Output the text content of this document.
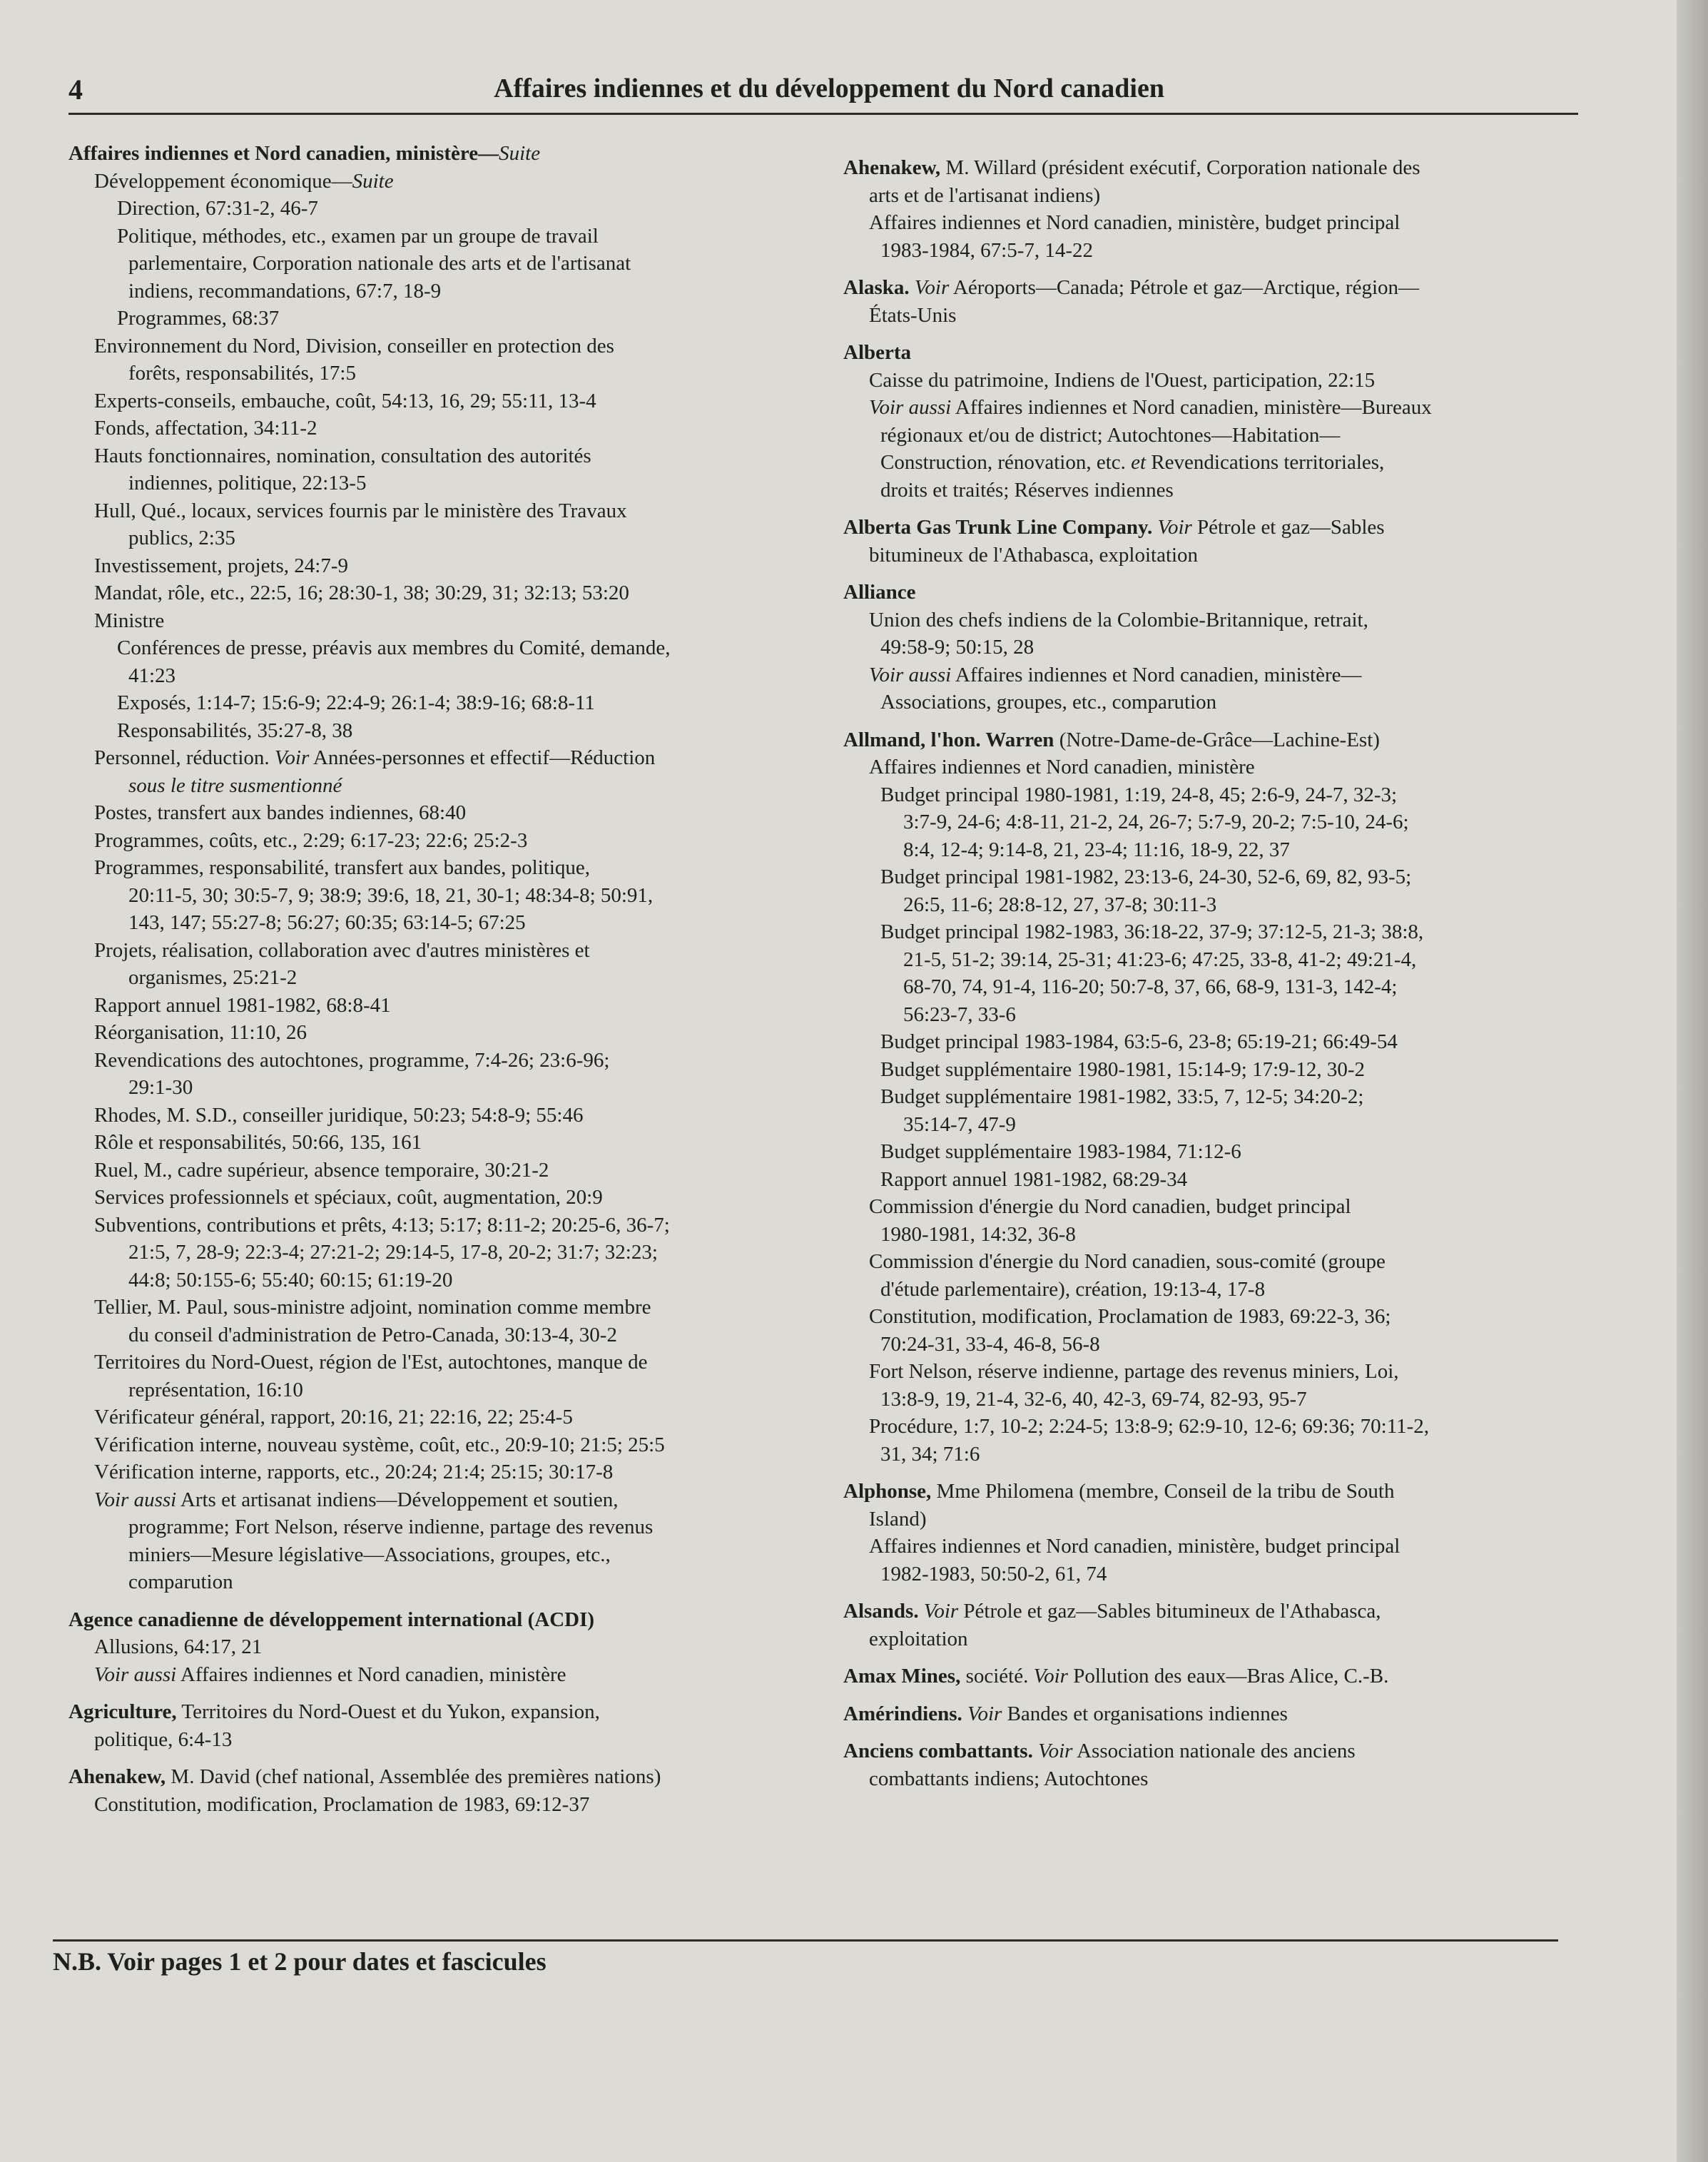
4	Affaires indiennes et du développement du Nord canadien
Affaires indiennes et Nord canadien, ministère—Suite
Développement économique—Suite
Direction, 67:31-2, 46-7
Politique, méthodes, etc., examen par un groupe de travail
parlementaire, Corporation nationale des arts et de l'artisanat
indiens, recommandations, 67:7, 18-9
Programmes, 68:37
Environnement du Nord, Division, conseiller en protection des
forêts, responsabilités, 17:5
Experts-conseils, embauche, coût, 54:13, 16, 29; 55:11, 13-4
Fonds, affectation, 34:11-2
Hauts fonctionnaires, nomination, consultation des autorités
indiennes, politique, 22:13-5
Hull, Qué., locaux, services fournis par le ministère des Travaux
publics, 2:35
Investissement, projets, 24:7-9
Mandat, rôle, etc., 22:5, 16; 28:30-1, 38; 30:29, 31; 32:13; 53:20
Ministre
Conférences de presse, préavis aux membres du Comité, demande,
41:23
Exposés, 1:14-7; 15:6-9; 22:4-9; 26:1-4; 38:9-16; 68:8-11
Responsabilités, 35:27-8, 38
Personnel, réduction. Voir Années-personnes et effectif—Réduction
sous le titre susmentionné
Postes, transfert aux bandes indiennes, 68:40
Programmes, coûts, etc., 2:29; 6:17-23; 22:6; 25:2-3
Programmes, responsabilité, transfert aux bandes, politique,
20:11-5, 30; 30:5-7, 9; 38:9; 39:6, 18, 21, 30-1; 48:34-8; 50:91,
143, 147; 55:27-8; 56:27; 60:35; 63:14-5; 67:25
Projets, réalisation, collaboration avec d'autres ministères et
organismes, 25:21-2
Rapport annuel 1981-1982, 68:8-41
Réorganisation, 11:10, 26
Revendications des autochtones, programme, 7:4-26; 23:6-96;
29:1-30
Rhodes, M. S.D., conseiller juridique, 50:23; 54:8-9; 55:46
Rôle et responsabilités, 50:66, 135, 161
Ruel, M., cadre supérieur, absence temporaire, 30:21-2
Services professionnels et spéciaux, coût, augmentation, 20:9
Subventions, contributions et prêts, 4:13; 5:17; 8:11-2; 20:25-6, 36-7;
21:5, 7, 28-9; 22:3-4; 27:21-2; 29:14-5, 17-8, 20-2; 31:7; 32:23;
44:8; 50:155-6; 55:40; 60:15; 61:19-20
Tellier, M. Paul, sous-ministre adjoint, nomination comme membre
du conseil d'administration de Petro-Canada, 30:13-4, 30-2
Territoires du Nord-Ouest, région de l'Est, autochtones, manque de
représentation, 16:10
Vérificateur général, rapport, 20:16, 21; 22:16, 22; 25:4-5
Vérification interne, nouveau système, coût, etc., 20:9-10; 21:5; 25:5
Vérification interne, rapports, etc., 20:24; 21:4; 25:15; 30:17-8
Voir aussi Arts et artisanat indiens—Développement et soutien,
programme; Fort Nelson, réserve indienne, partage des revenus
miniers—Mesure législative—Associations, groupes, etc.,
comparution
Agence canadienne de développement international (ACDI)
Allusions, 64:17, 21
Voir aussi Affaires indiennes et Nord canadien, ministère
Agriculture, Territoires du Nord-Ouest et du Yukon, expansion,
politique, 6:4-13
Ahenakew, M. David (chef national, Assemblée des premières nations)
Constitution, modification, Proclamation de 1983, 69:12-37
Ahenakew, M. Willard (président exécutif, Corporation nationale des
arts et de l'artisanat indiens)
Affaires indiennes et Nord canadien, ministère, budget principal
1983-1984, 67:5-7, 14-22
Alaska. Voir Aéroports—Canada; Pétrole et gaz—Arctique, région—
États-Unis
Alberta
Caisse du patrimoine, Indiens de l'Ouest, participation, 22:15
Voir aussi Affaires indiennes et Nord canadien, ministère—Bureaux
régionaux et/ou de district; Autochtones—Habitation—
Construction, rénovation, etc. et Revendications territoriales,
droits et traités; Réserves indiennes
Alberta Gas Trunk Line Company. Voir Pétrole et gaz—Sables
bitumineux de l'Athabasca, exploitation
Alliance
Union des chefs indiens de la Colombie-Britannique, retrait,
49:58-9; 50:15, 28
Voir aussi Affaires indiennes et Nord canadien, ministère—
Associations, groupes, etc., comparution
Allmand, l'hon. Warren (Notre-Dame-de-Grâce—Lachine-Est)
Affaires indiennes et Nord canadien, ministère
Budget principal 1980-1981, 1:19, 24-8, 45; 2:6-9, 24-7, 32-3;
3:7-9, 24-6; 4:8-11, 21-2, 24, 26-7; 5:7-9, 20-2; 7:5-10, 24-6;
8:4, 12-4; 9:14-8, 21, 23-4; 11:16, 18-9, 22, 37
Budget principal 1981-1982, 23:13-6, 24-30, 52-6, 69, 82, 93-5;
26:5, 11-6; 28:8-12, 27, 37-8; 30:11-3
Budget principal 1982-1983, 36:18-22, 37-9; 37:12-5, 21-3; 38:8,
21-5, 51-2; 39:14, 25-31; 41:23-6; 47:25, 33-8, 41-2; 49:21-4,
68-70, 74, 91-4, 116-20; 50:7-8, 37, 66, 68-9, 131-3, 142-4;
56:23-7, 33-6
Budget principal 1983-1984, 63:5-6, 23-8; 65:19-21; 66:49-54
Budget supplémentaire 1980-1981, 15:14-9; 17:9-12, 30-2
Budget supplémentaire 1981-1982, 33:5, 7, 12-5; 34:20-2;
35:14-7, 47-9
Budget supplémentaire 1983-1984, 71:12-6
Rapport annuel 1981-1982, 68:29-34
Commission d'énergie du Nord canadien, budget principal
1980-1981, 14:32, 36-8
Commission d'énergie du Nord canadien, sous-comité (groupe
d'étude parlementaire), création, 19:13-4, 17-8
Constitution, modification, Proclamation de 1983, 69:22-3, 36;
70:24-31, 33-4, 46-8, 56-8
Fort Nelson, réserve indienne, partage des revenus miniers, Loi,
13:8-9, 19, 21-4, 32-6, 40, 42-3, 69-74, 82-93, 95-7
Procédure, 1:7, 10-2; 2:24-5; 13:8-9; 62:9-10, 12-6; 69:36; 70:11-2,
31, 34; 71:6
Alphonse, Mme Philomena (membre, Conseil de la tribu de South
Island)
Affaires indiennes et Nord canadien, ministère, budget principal
1982-1983, 50:50-2, 61, 74
Alsands. Voir Pétrole et gaz—Sables bitumineux de l'Athabasca,
exploitation
Amax Mines, société. Voir Pollution des eaux—Bras Alice, C.-B.
Amérindiens. Voir Bandes et organisations indiennes
Anciens combattants. Voir Association nationale des anciens
combattants indiens; Autochtones
N.B. Voir pages 1 et 2 pour dates et fascicules
